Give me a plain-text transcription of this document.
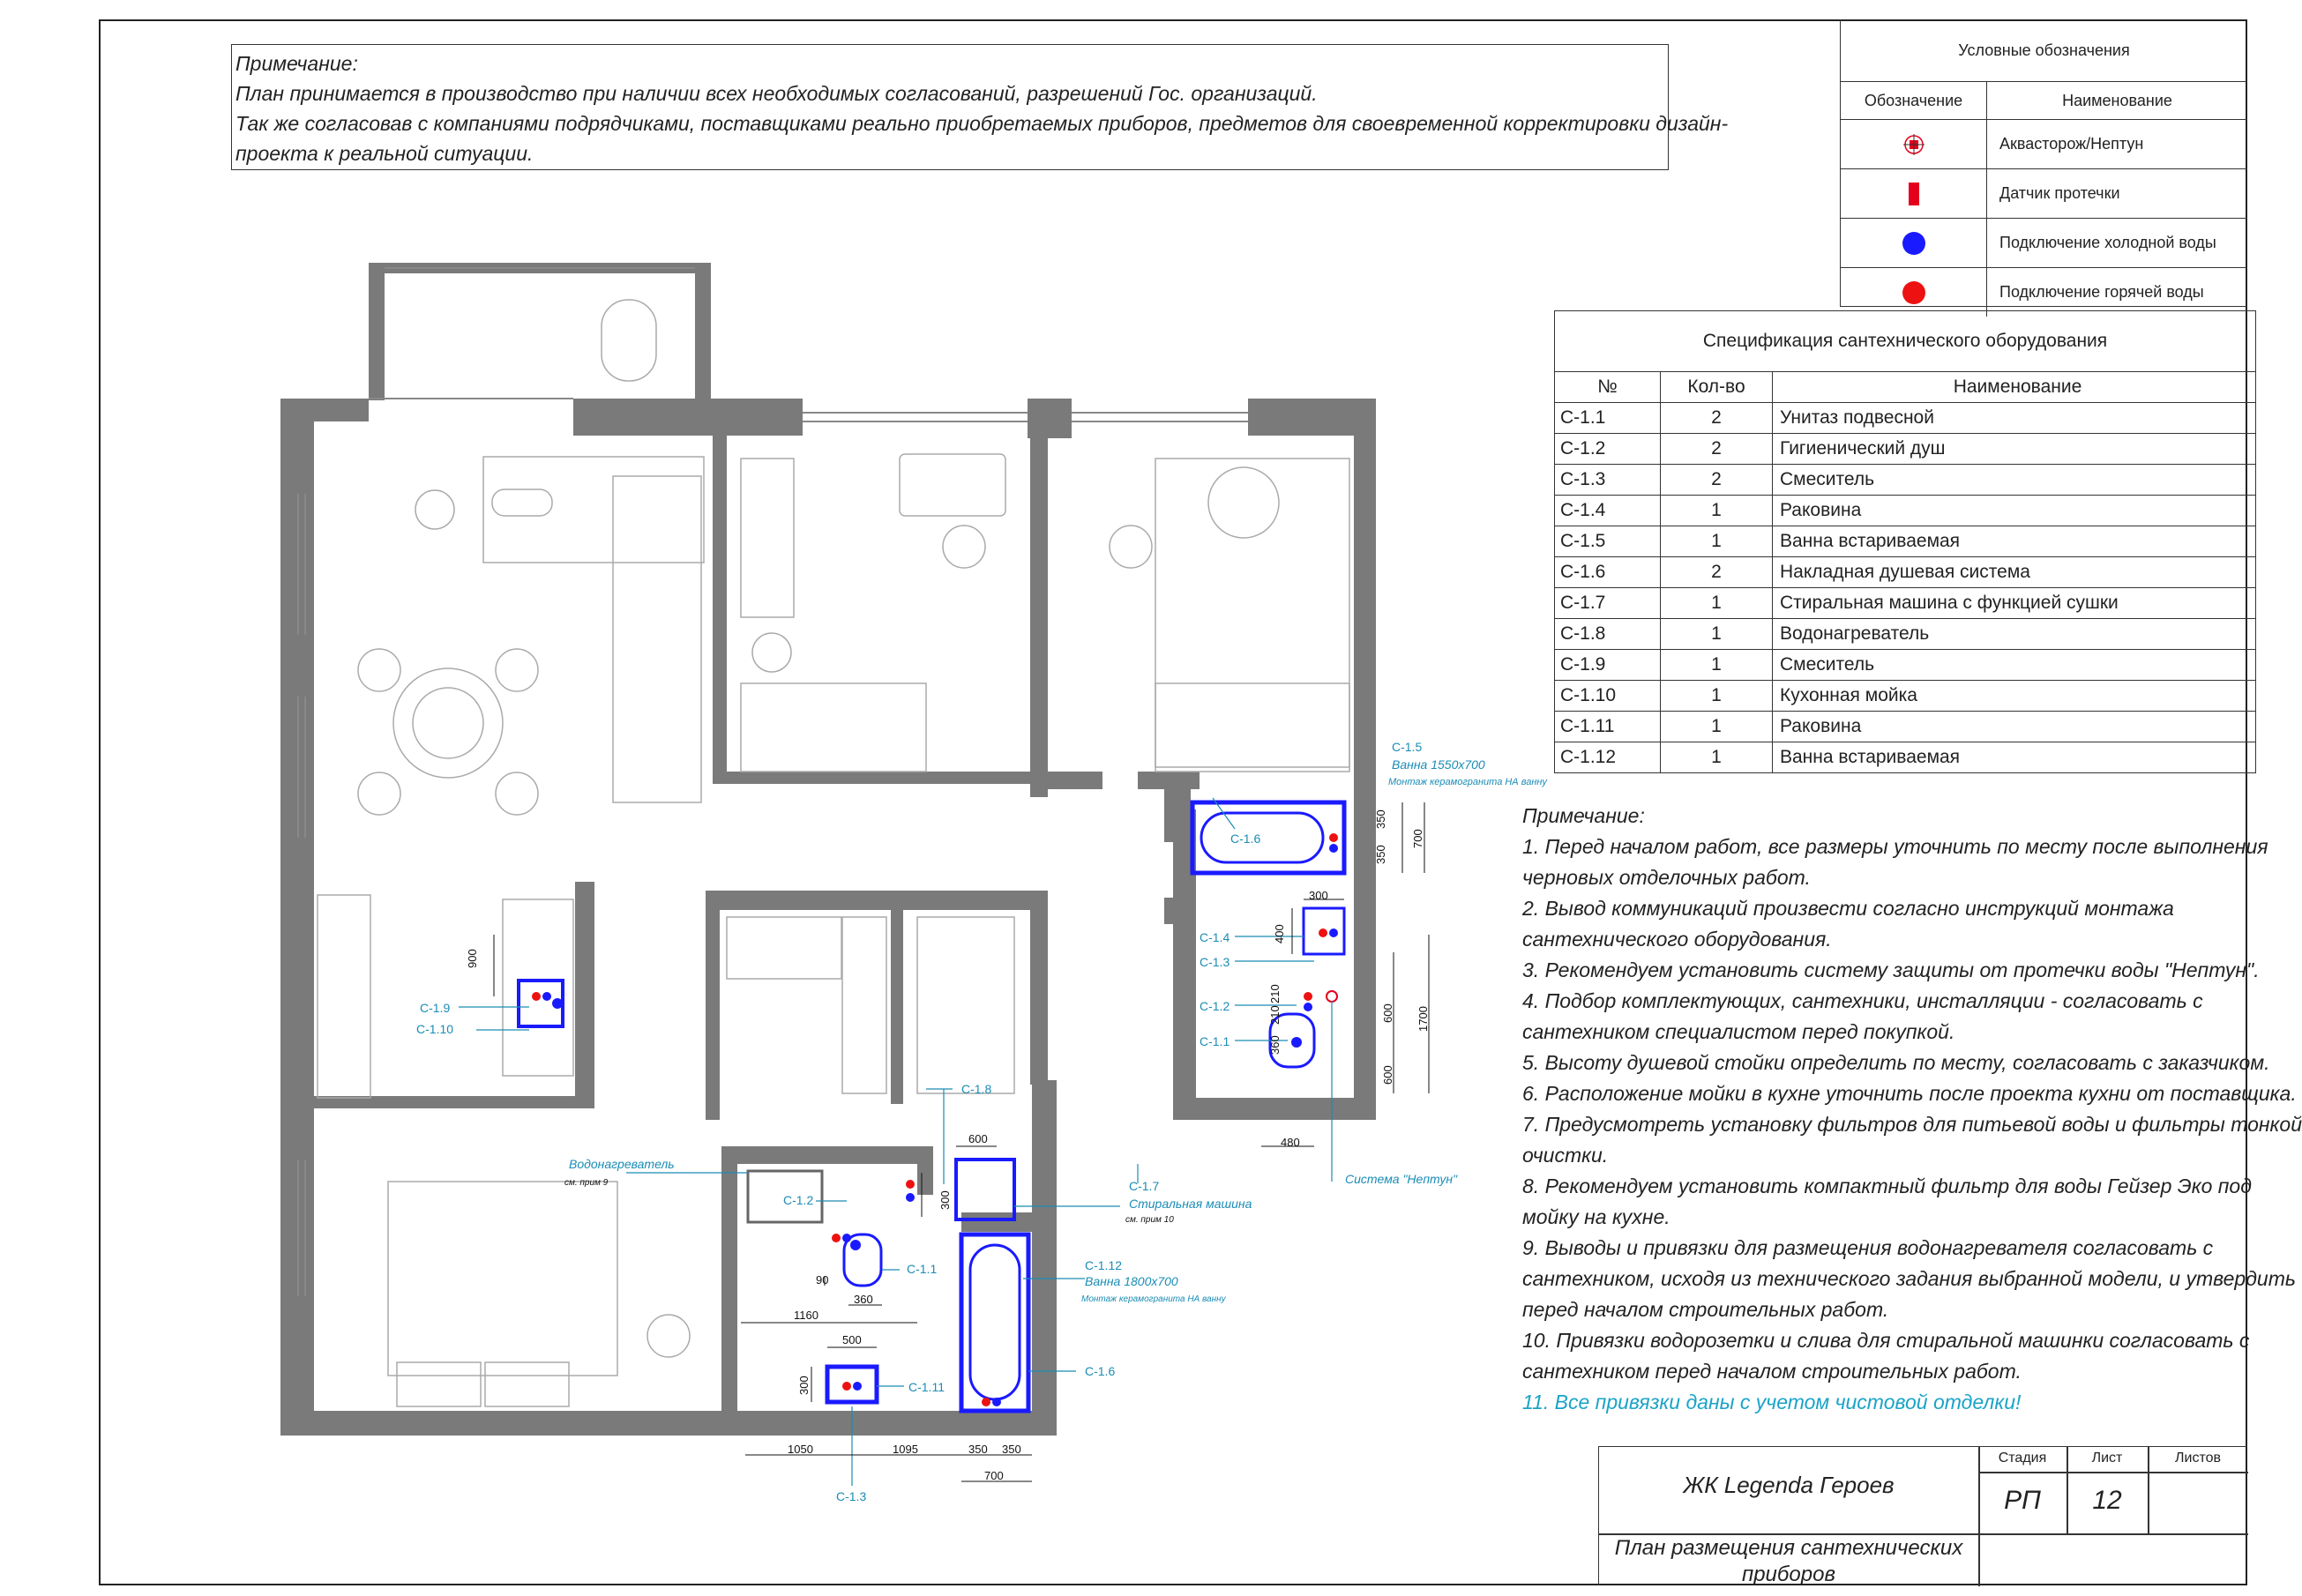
Примечание:
План принимается в производство при наличии всех необходимых согласований, разрешений Гос. организаций.
Так же согласовав с компаниями подрядчиками, поставщиками реально приобретаемых приборов, предметов для своевременной корректировки дизайн-
проекта к реальной ситуации.
Условные обозначения
Обозначение	Наименование
Аквасторож/Нептун
Датчик протечки
Подключение холодной воды
Подключение горячей воды
Спецификация сантехнического оборудования
№	Кол-во	Наименование
С-1.1	2	Унитаз подвесной
С-1.2	2	Гигиенический душ
С-1.3	2	Смеситель
С-1.4	1	Раковина
С-1.5	1	Ванна встариваемая
С-1.6	2	Накладная душевая система
С-1.7	1	Стиральная машина с функцией сушки
С-1.8	1	Водонагреватель
С-1.9	1	Смеситель
С-1.10	1	Кухонная мойка
С-1.11	1	Раковина
С-1.12	1	Ванна встариваемая
Примечание:
1. Перед началом работ, все размеры уточнить по месту после выполнения
черновых отделочных работ.
2. Вывод коммуникаций произвести согласно инструкций монтажа
сантехнического оборудования.
3. Рекомендуем установить систему защиты от протечки воды "Нептун".
4. Подбор комплектующих, сантехники, инсталляции - согласовать с
сантехником специалистом перед покупкой.
5. Высоту душевой стойки определить по месту, согласовать с заказчиком.
6. Расположение мойки в кухне уточнить после проекта кухни от поставщика.
7. Предусмотреть установку фильтров для питьевой воды и фильтры тонкой
очистки.
8. Рекомендуем установить компактный фильтр для воды Гейзер Эко под
мойку на кухне.
9. Выводы и привязки для размещения водонагревателя согласовать с
сантехником, исходя из технического задания выбранной модели, и утвердить
перед началом строительных работ.
10. Привязки водорозетки и слива для стиральной машинки согласовать с
сантехником перед началом строительных работ.
11. Все привязки даны с учетом чистовой отделки!
ЖК Legenda Героев
План размещения сантехнических
приборов
Стадия	Лист	Листов
РП	12
С-1.5
Ванна 1550x700
Монтаж керамогранита НА ванну
С-1.6
С-1.4
С-1.3
С-1.2
С-1.1
Система "Нептун"
С-1.9
С-1.10
С-1.8
Водонагреватель
см. прим 9	С-1.7
Стиральная машина
см. прим 10
С-1.2
С-1.1	С-1.12
Ванна 1800x700
Монтаж керамогранита НА ванну
С-1.11
С-1.6
С-1.3
350
350
700
300
400
210
210
360
600
600
1700
480
900
600
300
90
360
1160
500
300
1050	1095	350 350
700
